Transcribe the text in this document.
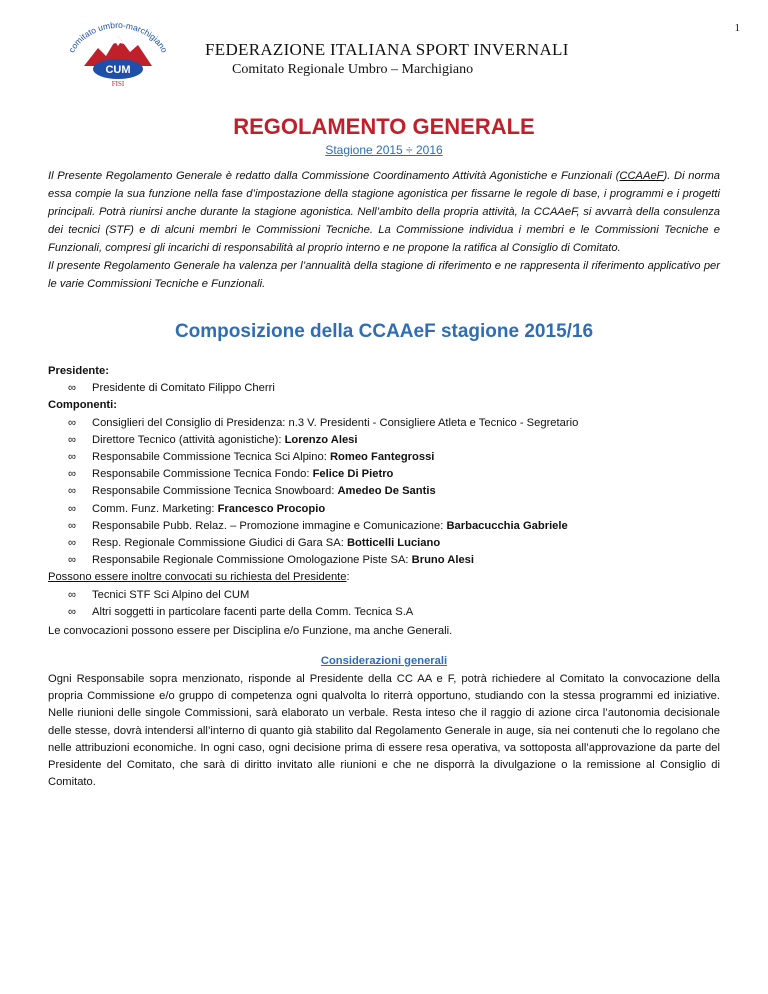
1
comitato umbro-marchigiano
CUM
FISI
FEDERAZIONE ITALIANA SPORT INVERNALI
Comitato Regionale Umbro – Marchigiano
REGOLAMENTO GENERALE
Stagione 2015 ÷ 2016

Il Presente Regolamento Generale è redatto dalla Commissione Coordinamento Attività Agonistiche e Funzionali (CCAAeF). Di norma essa compie la sua funzione nella fase d’impostazione della stagione agonistica per fissarne le regole di base, i programmi e i progetti principali. Potrà riunirsi anche durante la stagione agonistica. Nell’ambito della propria attività, la CCAAeF, si avvarrà della consulenza dei tecnici (STF) e di alcuni membri le Commissioni Tecniche. La Commissione individua i membri e le Commissioni Tecniche e Funzionali, compresi gli incarichi di responsabilità al proprio interno e ne propone la ratifica al Consiglio di Comitato.

Il presente Regolamento Generale ha valenza per l’annualità della stagione di riferimento e ne rappresenta il riferimento applicativo per le varie Commissioni Tecniche e Funzionali.

Composizione della CCAAeF stagione 2015/16
Presidente:
∞ Presidente di Comitato Filippo Cherri
Componenti:
∞ Consiglieri del Consiglio di Presidenza: n.3 V. Presidenti - Consigliere Atleta e Tecnico - Segretario
∞ Direttore Tecnico (attività agonistiche): Lorenzo Alesi
∞ Responsabile Commissione Tecnica Sci Alpino: Romeo Fantegrossi
∞ Responsabile Commissione Tecnica Fondo: Felice Di Pietro
∞ Responsabile Commissione Tecnica Snowboard: Amedeo De Santis
∞ Comm. Funz. Marketing: Francesco Procopio
∞ Responsabile Pubb. Relaz. – Promozione immagine e Comunicazione: Barbacucchia Gabriele
∞ Resp. Regionale Commissione Giudici di Gara SA: Botticelli Luciano
∞ Responsabile Regionale Commissione Omologazione Piste SA: Bruno Alesi
Possono essere inoltre convocati su richiesta del Presidente:
∞ Tecnici STF Sci Alpino del CUM
∞ Altri soggetti in particolare facenti parte della Comm. Tecnica S.A
Le convocazioni possono essere per Disciplina e/o Funzione, ma anche Generali.
Considerazioni generali

Ogni Responsabile sopra menzionato, risponde al Presidente della CC AA e F, potrà richiedere al Comitato la convocazione della propria Commissione e/o gruppo di competenza ogni qualvolta lo riterrà opportuno, studiando con la stessa programmi ed iniziative. Nelle riunioni delle singole Commissioni, sarà elaborato un verbale. Resta inteso che il raggio di azione circa l’autonomia decisionale delle stesse, dovrà intendersi all’interno di quanto già stabilito dal Regolamento Generale in auge, sia nei contenuti che lo regolano che nelle attribuzioni economiche. In ogni caso, ogni decisione prima di essere resa operativa, va sottoposta all’approvazione da parte del Presidente del Comitato, che sarà di diritto invitato alle riunioni e che ne disporrà la divulgazione o la remissione al Consiglio di Comitato.
